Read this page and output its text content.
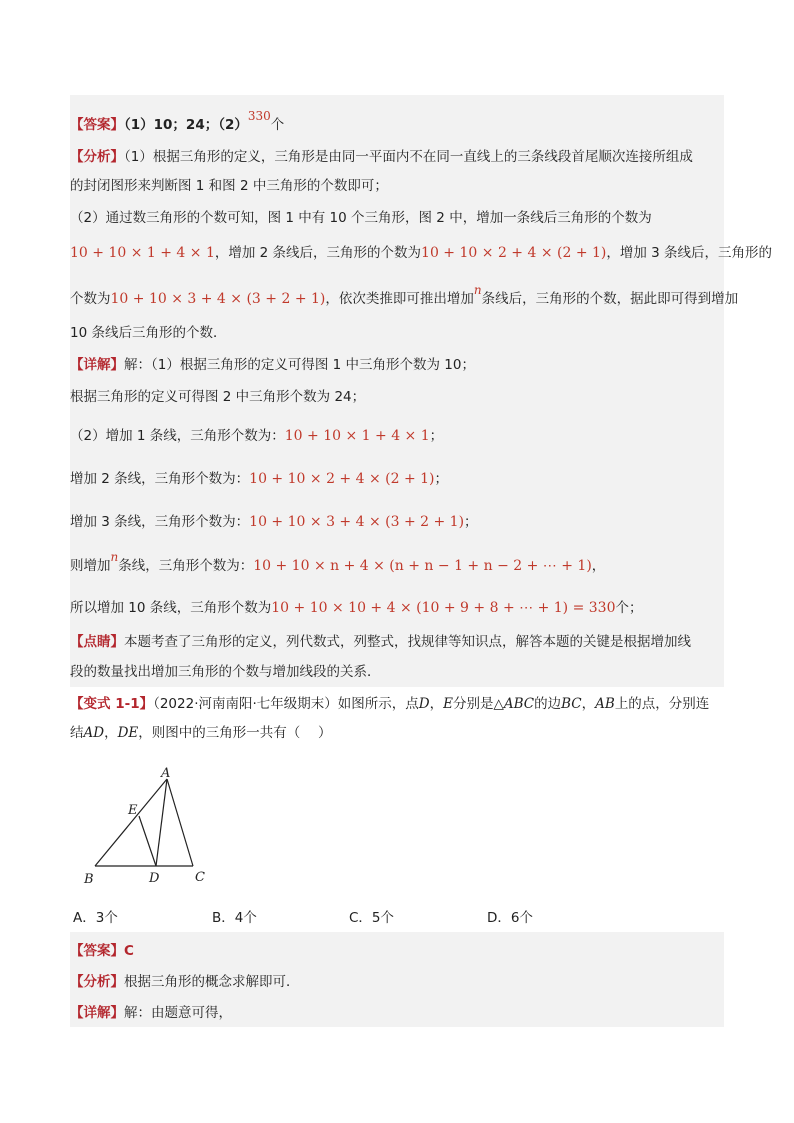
【答案】（1）10；24；（2）330个
【分析】（1）根据三角形的定义，三角形是由同一平面内不在同一直线上的三条线段首尾顺次连接所组成
的封闭图形来判断图 1 和图 2 中三角形的个数即可；
（2）通过数三角形的个数可知，图 1 中有 10 个三角形，图 2 中，增加一条线后三角形的个数为
10 + 10 × 1 + 4 × 1，增加 2 条线后，三角形的个数为10 + 10 × 2 + 4 × (2 + 1)，增加 3 条线后，三角形的
个数为10 + 10 × 3 + 4 × (3 + 2 + 1)，依次类推即可推出增加n条线后，三角形的个数，据此即可得到增加
10 条线后三角形的个数．
【详解】解：（1）根据三角形的定义可得图 1 中三角形个数为 10；
根据三角形的定义可得图 2 中三角形个数为 24；
（2）增加 1 条线，三角形个数为：10 + 10 × 1 + 4 × 1；
增加 2 条线，三角形个数为：10 + 10 × 2 + 4 × (2 + 1)；
增加 3 条线，三角形个数为：10 + 10 × 3 + 4 × (3 + 2 + 1)；
则增加n条线，三角形个数为：10 + 10 × n + 4 × (n + n − 1 + n − 2 + ⋯ + 1)，
所以增加 10 条线，三角形个数为10 + 10 × 10 + 4 × (10 + 9 + 8 + ⋯ + 1) = 330个；
【点睛】本题考查了三角形的定义，列代数式，列整式，找规律等知识点，解答本题的关键是根据增加线
段的数量找出增加三角形的个数与增加线段的关系．
【变式 1-1】（2022·河南南阳·七年级期末）如图所示，点D，E分别是△ABC的边BC，AB上的点，分别连
结AD，DE，则图中的三角形一共有（　 ）
A
B	C
D
E
A．3个	B．4个	C．5个	D．6个
【答案】C
【分析】根据三角形的概念求解即可．
【详解】解：由题意可得，
